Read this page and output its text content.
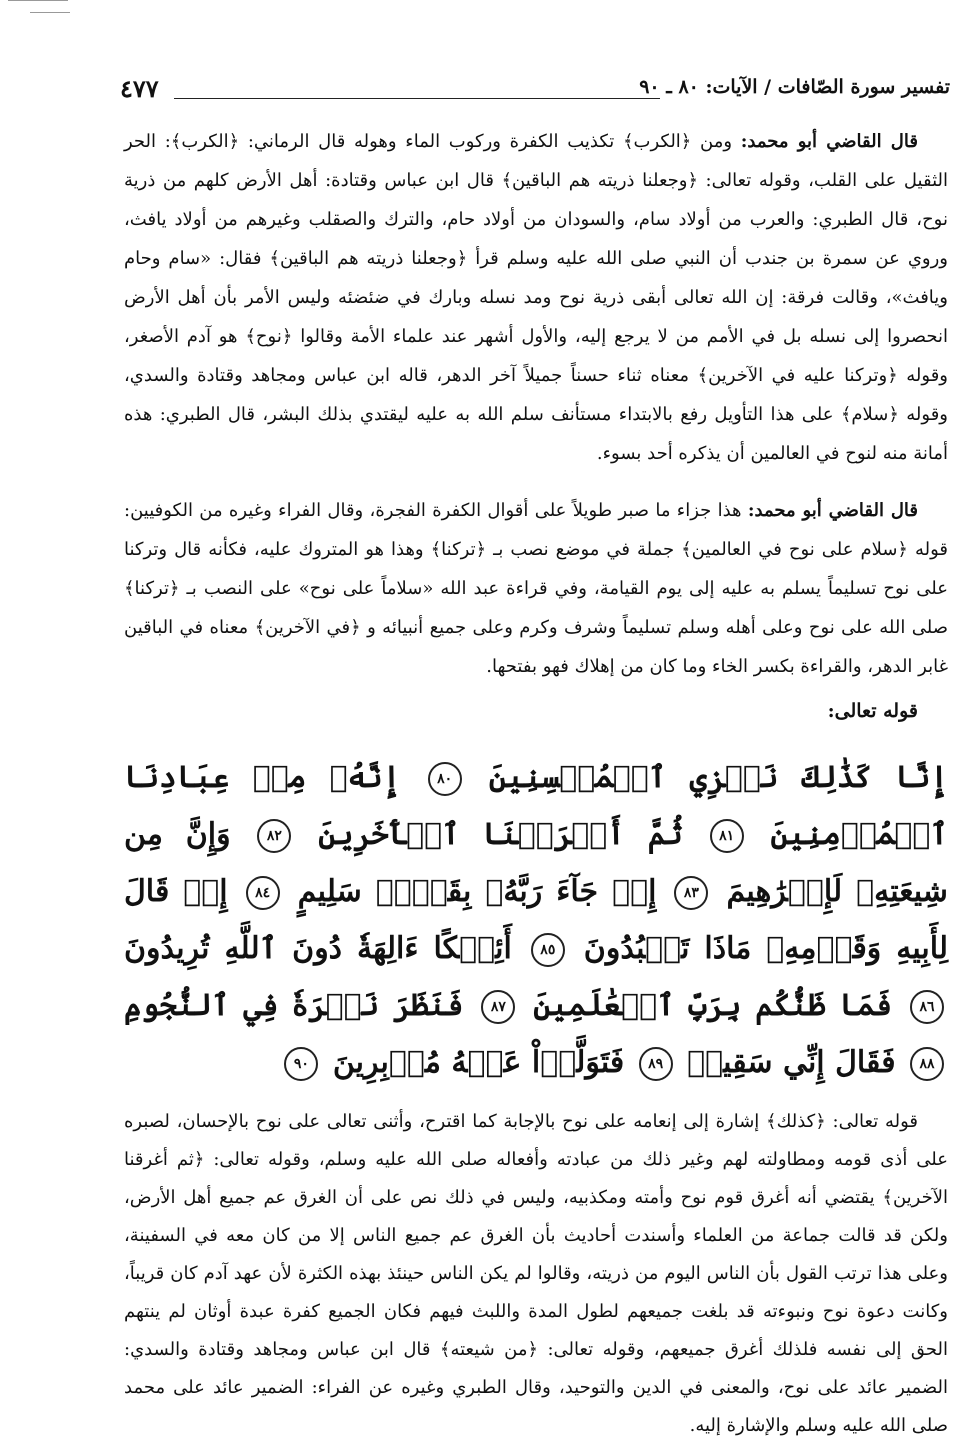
٤٧٧	تفسير سورة الصّافات / الآيات: ٨٠ ـ ٩٠

قال القاضي أبو محمد: ومن ﴿الكرب﴾ تكذيب الكفرة وركوب الماء وهوله قال الرماني: ﴿الكرب﴾: الحر الثقيل على القلب، وقوله تعالى: ﴿وجعلنا ذريته هم الباقين﴾ قال ابن عباس وقتادة: أهل الأرض كلهم من ذرية نوح، قال الطبري: والعرب من أولاد سام، والسودان من أولاد حام، والترك والصقلب وغيرهم من أولاد يافث، وروي عن سمرة بن جندب أن النبي صلى الله عليه وسلم قرأ ﴿وجعلنا ذريته هم الباقين﴾ فقال: «سام وحام ويافث»، وقالت فرقة: إن الله تعالى أبقى ذرية نوح ومد نسله وبارك في ضئضئه وليس الأمر بأن أهل الأرض انحصروا إلى نسله بل في الأمم من لا يرجع إليه، والأول أشهر عند علماء الأمة وقالوا ﴿نوح﴾ هو آدم الأصغر، وقوله ﴿وتركنا عليه في الآخرين﴾ معناه ثناء حسناً جميلاً آخر الدهر، قاله ابن عباس ومجاهد وقتادة والسدي، وقوله ﴿سلام﴾ على هذا التأويل رفع بالابتداء مستأنف سلم الله به عليه ليقتدي بذلك البشر، قال الطبري: هذه أمانة منه لنوح في العالمين أن يذكره أحد بسوء.

قال القاضي أبو محمد: هذا جزاء ما صبر طويلاً على أقوال الكفرة الفجرة، وقال الفراء وغيره من الكوفيين: قوله ﴿سلام على نوح في العالمين﴾ جملة في موضع نصب بـ ﴿تركنا﴾ وهذا هو المتروك عليه، فكأنه قال وتركنا على نوح تسليماً يسلم به عليه إلى يوم القيامة، وفي قراءة عبد الله «سلاماً على نوح» على النصب بـ ﴿تركنا﴾ صلى الله على نوح وعلى أهله وسلم تسليماً وشرف وكرم وعلى جميع أنبيائه و ﴿في الآخرين﴾ معناه في الباقين غابر الدهر، والقراءة بكسر الخاء وما كان من إهلاك فهو بفتحها.

قوله تعالى:

إِنَّا كَذَٰلِكَ نَجۡزِي ٱلۡمُحۡسِنِينَ ٨٠ إِنَّهُۥ مِنۡ عِبَادِنَا ٱلۡمُؤۡمِنِينَ ٨١ ثُمَّ أَغۡرَقۡنَا ٱلۡأٓخَرِينَ ٨٢ وَإِنَّ مِن شِيعَتِهِۦ لَإِبۡرَٰهِيمَ ٨٣ إِذۡ جَآءَ رَبَّهُۥ بِقَلۡبٖ سَلِيمٍ ٨٤ إِذۡ قَالَ لِأَبِيهِ وَقَوۡمِهِۦ مَاذَا تَعۡبُدُونَ ٨٥ أَئِفۡكًا ءَالِهَةٗ دُونَ ٱللَّهِ تُرِيدُونَ ٨٦ فَمَا ظَنُّكُم بِرَبِّ ٱلۡعَٰلَمِينَ ٨٧ فَنَظَرَ نَظۡرَةٗ فِي ٱلنُّجُومِ ٨٨ فَقَالَ إِنِّي سَقِيمٞ ٨٩ فَتَوَلَّوۡاْ عَنۡهُ مُدۡبِرِينَ ٩٠

قوله تعالى: ﴿كذلك﴾ إشارة إلى إنعامه على نوح بالإجابة كما اقترح، وأثنى تعالى على نوح بالإحسان، لصبره على أذى قومه ومطاولته لهم وغير ذلك من عبادته وأفعاله صلى الله عليه وسلم، وقوله تعالى: ﴿ثم أغرقنا الآخرين﴾ يقتضي أنه أغرق قوم نوح وأمته ومكذبيه، وليس في ذلك نص على أن الغرق عم جميع أهل الأرض، ولكن قد قالت جماعة من العلماء وأسندت أحاديث بأن الغرق عم جميع الناس إلا من كان معه في السفينة، وعلى هذا ترتب القول بأن الناس اليوم من ذريته، وقالوا لم يكن الناس حينئذ بهذه الكثرة لأن عهد آدم كان قريباً، وكانت دعوة نوح ونبوءته قد بلغت جميعهم لطول المدة واللبث فيهم فكان الجميع كفرة عبدة أوثان لم ينتهم الحق إلى نفسه فلذلك أغرق جميعهم، وقوله تعالى: ﴿من شيعته﴾ قال ابن عباس ومجاهد وقتادة والسدي: الضمير عائد على نوح، والمعنى في الدين والتوحيد، وقال الطبري وغيره عن الفراء: الضمير عائد على محمد صلى الله عليه وسلم والإشارة إليه.
